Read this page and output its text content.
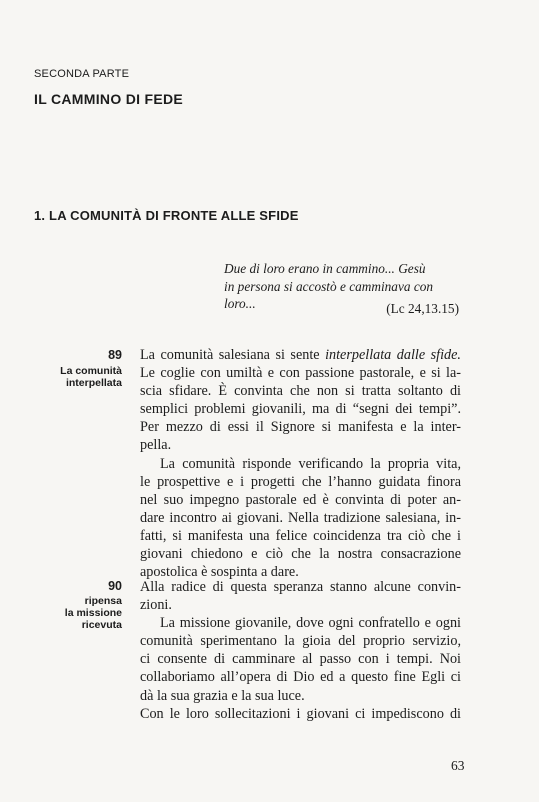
SECONDA PARTE
IL CAMMINO DI FEDE
1. LA COMUNITÀ DI FRONTE ALLE SFIDE

Due di loro erano in cammino... Gesù

in persona si accostò e camminava con

loro...	(Lc 24,13.15)
89
La comunità
interpellata
La comunità salesiana si sente interpellata dalle sfide.
Le coglie con umiltà e con passione pastorale, e si la-
scia sfidare. È convinta che non si tratta soltanto di
semplici problemi giovanili, ma di “segni dei tempi”.
Per mezzo di essi il Signore si manifesta e la inter-
pella.
La comunità risponde verificando la propria vita,
le prospettive e i progetti che l’hanno guidata finora
nel suo impegno pastorale ed è convinta di poter an-
dare incontro ai giovani. Nella tradizione salesiana, in-
fatti, si manifesta una felice coincidenza tra ciò che i
giovani chiedono e ciò che la nostra consacrazione
apostolica è sospinta a dare.
90
ripensa
la missione
ricevuta
Alla radice di questa speranza stanno alcune convin-
zioni.
La missione giovanile, dove ogni confratello e ogni
comunità sperimentano la gioia del proprio servizio,
ci consente di camminare al passo con i tempi. Noi
collaboriamo all’opera di Dio ed a questo fine Egli ci
dà la sua grazia e la sua luce.
Con le loro sollecitazioni i giovani ci impediscono di
63
